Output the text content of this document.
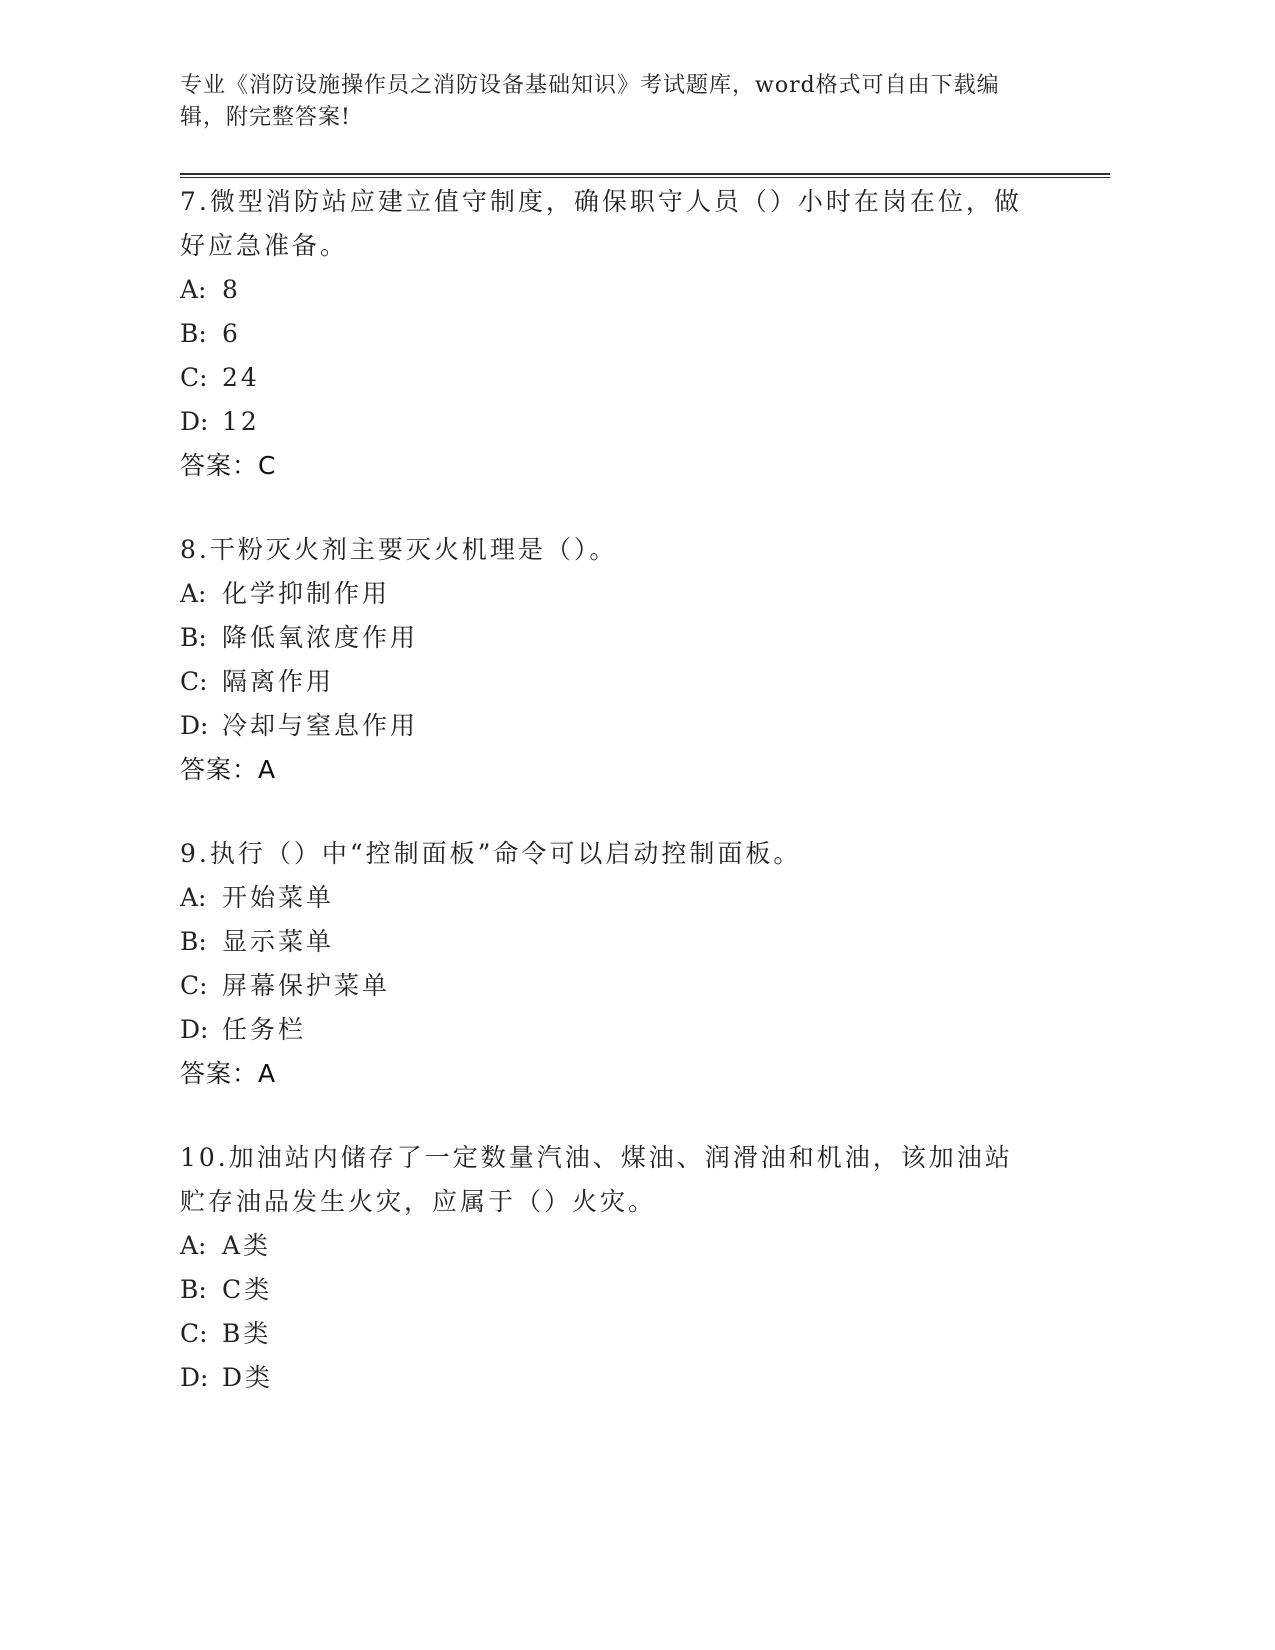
专业《消防设施操作员之消防设备基础知识》考试题库，word格式可自由下载编辑，附完整答案!

7.微型消防站应建立值守制度，确保职守人员（）小时在岗在位，做好应急准备。

A: 8
B: 6
C: 24
D: 12
答案：C

8.干粉灭火剂主要灭火机理是（）。

A: 化学抑制作用
B: 降低氧浓度作用
C: 隔离作用
D: 冷却与窒息作用
答案：A

9.执行（）中“控制面板”命令可以启动控制面板。

A: 开始菜单
B: 显示菜单
C: 屏幕保护菜单
D: 任务栏
答案：A

10.加油站内储存了一定数量汽油、煤油、润滑油和机油，该加油站贮存油品发生火灾，应属于（）火灾。

A: A类
B: C类
C: B类
D: D类
